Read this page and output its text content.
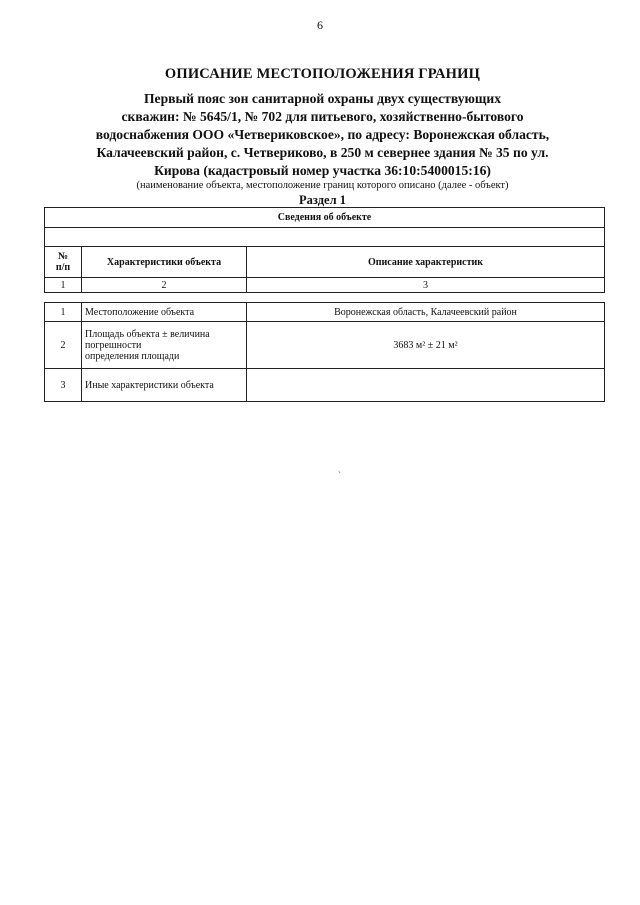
6
ОПИСАНИЕ МЕСТОПОЛОЖЕНИЯ ГРАНИЦ
Первый пояс зон санитарной охраны двух существующих
скважин: № 5645/1, № 702 для питьевого, хозяйственно-бытового
водоснабжения ООО «Четвериковское», по адресу: Воронежская область,
Калачеевский район, с. Четвериково, в 250 м севернее здания № 35 по ул.
Кирова (кадастровый номер участка 36:10:5400015:16)
(наименование объекта, местоположение границ которого описано (далее - объект)
Раздел 1
Сведения об объекте		

№
п/п	Характеристики объекта	Описание характеристик
1	2	3
1	Местоположение объекта	Воронежская область, Калачеевский район
2	Площадь объекта ± величина
погрешности
определения площади	3683 м² ± 21 м²
3	Иные характеристики объекта	
`
